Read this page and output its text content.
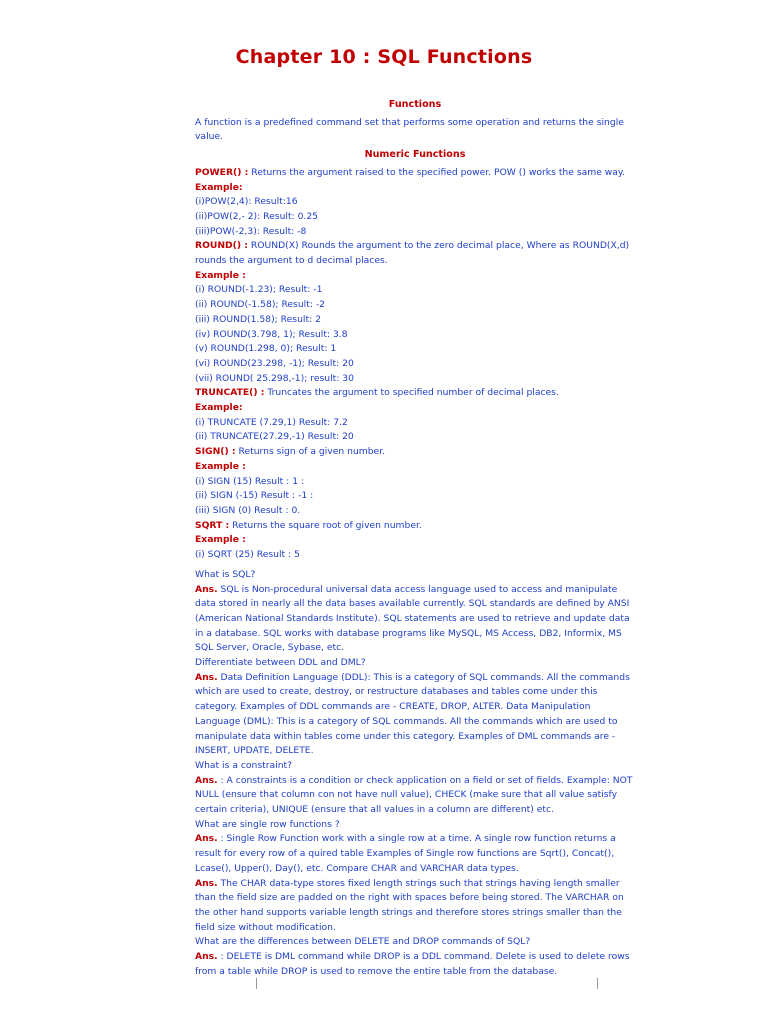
Chapter 10 : SQL Functions

Functions

A function is a predefined command set that performs some operation and returns the single value.

Numeric Functions

POWER() : Returns the argument raised to the specified power. POW () works the same way.

Example:

(i)POW(2,4): Result:16

(ii)POW(2,- 2): Result: 0.25

(iii)POW(-2,3): Result: -8

ROUND() : ROUND(X) Rounds the argument to the zero decimal place, Where as ROUND(X,d) rounds the argument to d decimal places.

Example :

(i) ROUND(-1.23); Result: -1

(ii) ROUND(-1.58); Result: -2

(iii) ROUND(1.58); Result: 2

(iv) ROUND(3.798, 1); Result: 3.8

(v) ROUND(1.298, 0); Result: 1

(vi) ROUND(23.298, -1); Result: 20

(vii) ROUND( 25.298,-1); result: 30

TRUNCATE() : Truncates the argument to specified number of decimal places.

Example:

(i) TRUNCATE (7.29,1) Result: 7.2

(ii) TRUNCATE(27.29,-1) Result: 20

SIGN() : Returns sign of a given number.

Example :

(i) SIGN (15) Result : 1 :

(ii) SIGN (-15) Result : -1 :

(iii) SIGN (0) Result : 0.

SQRT : Returns the square root of given number.

Example :

(i) SQRT (25) Result : 5

What is SQL?

Ans. SQL is Non-procedural universal data access language used to access and manipulate data stored in nearly all the data bases available currently. SQL standards are defined by ANSI (American National Standards Institute). SQL statements are used to retrieve and update data in a database. SQL works with database programs like MySQL, MS Access, DB2, Informix, MS SQL Server, Oracle, Sybase, etc.

Differentiate between DDL and DML?

Ans. Data Definition Language (DDL): This is a category of SQL commands. All the commands which are used to create, destroy, or restructure databases and tables come under this category. Examples of DDL commands are - CREATE, DROP, ALTER. Data Manipulation Language (DML): This is a category of SQL commands. All the commands which are used to manipulate data within tables come under this category. Examples of DML commands are - INSERT, UPDATE, DELETE.

What is a constraint?

Ans. : A constraints is a condition or check application on a field or set of fields. Example: NOT NULL (ensure that column con not have null value), CHECK (make sure that all value satisfy certain criteria), UNIQUE (ensure that all values in a column are different) etc.

What are single row functions ?

Ans. : Single Row Function work with a single row at a time. A single row function returns a result for every row of a quired table Examples of Single row functions are Sqrt(), Concat(), Lcase(), Upper(), Day(), etc. Compare CHAR and VARCHAR data types.

Ans. The CHAR data-type stores fixed length strings such that strings having length smaller than the field size are padded on the right with spaces before being stored. The VARCHAR on the other hand supports variable length strings and therefore stores strings smaller than the field size without modification.

What are the differences between DELETE and DROP commands of SQL?

Ans. : DELETE is DML command while DROP is a DDL command. Delete is used to delete rows from a table while DROP is used to remove the entire table from the database.
